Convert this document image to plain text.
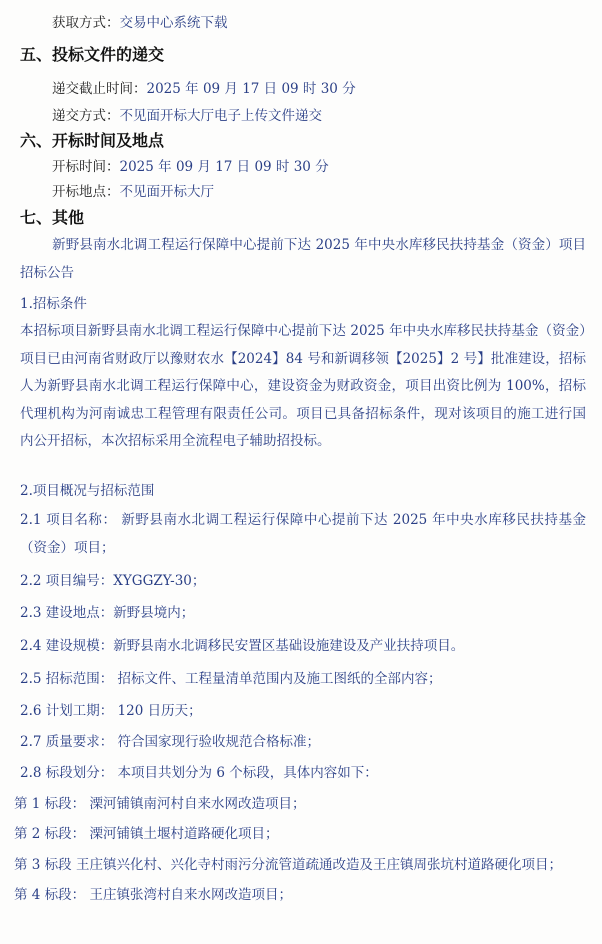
获取方式：交易中心系统下载
五、投标文件的递交
递交截止时间：2025 年 09 月 17 日 09 时 30 分
递交方式：不见面开标大厅电子上传文件递交
六、开标时间及地点
开标时间：2025 年 09 月 17 日 09 时 30 分
开标地点：不见面开标大厅
七、其他
新野县南水北调工程运行保障中心提前下达 2025 年中央水库移民扶持基金（资金）项目招标公告
1.招标条件
本招标项目新野县南水北调工程运行保障中心提前下达 2025 年中央水库移民扶持基金（资金）项目已由河南省财政厅以豫财农水【2024】84 号和新调移领【2025】2 号】批准建设，招标人为新野县南水北调工程运行保障中心，建设资金为财政资金，项目出资比例为 100%，招标代理机构为河南诚忠工程管理有限责任公司。项目已具备招标条件，现对该项目的施工进行国内公开招标，本次招标采用全流程电子辅助招投标。
2.项目概况与招标范围
2.1 项目名称： 新野县南水北调工程运行保障中心提前下达 2025 年中央水库移民扶持基金（资金）项目；
2.2 项目编号：XYGGZY-30；
2.3 建设地点：新野县境内；
2.4 建设规模：新野县南水北调移民安置区基础设施建设及产业扶持项目。
2.5 招标范围： 招标文件、工程量清单范围内及施工图纸的全部内容；
2.6 计划工期： 120 日历天；
2.7 质量要求： 符合国家现行验收规范合格标准；
2.8 标段划分： 本项目共划分为 6 个标段，具体内容如下：
第 1 标段： 溧河铺镇南河村自来水网改造项目；
第 2 标段： 溧河铺镇土堰村道路硬化项目；
第 3 标段 王庄镇兴化村、兴化寺村雨污分流管道疏通改造及王庄镇周张坑村道路硬化项目；
第 4 标段： 王庄镇张湾村自来水网改造项目；
